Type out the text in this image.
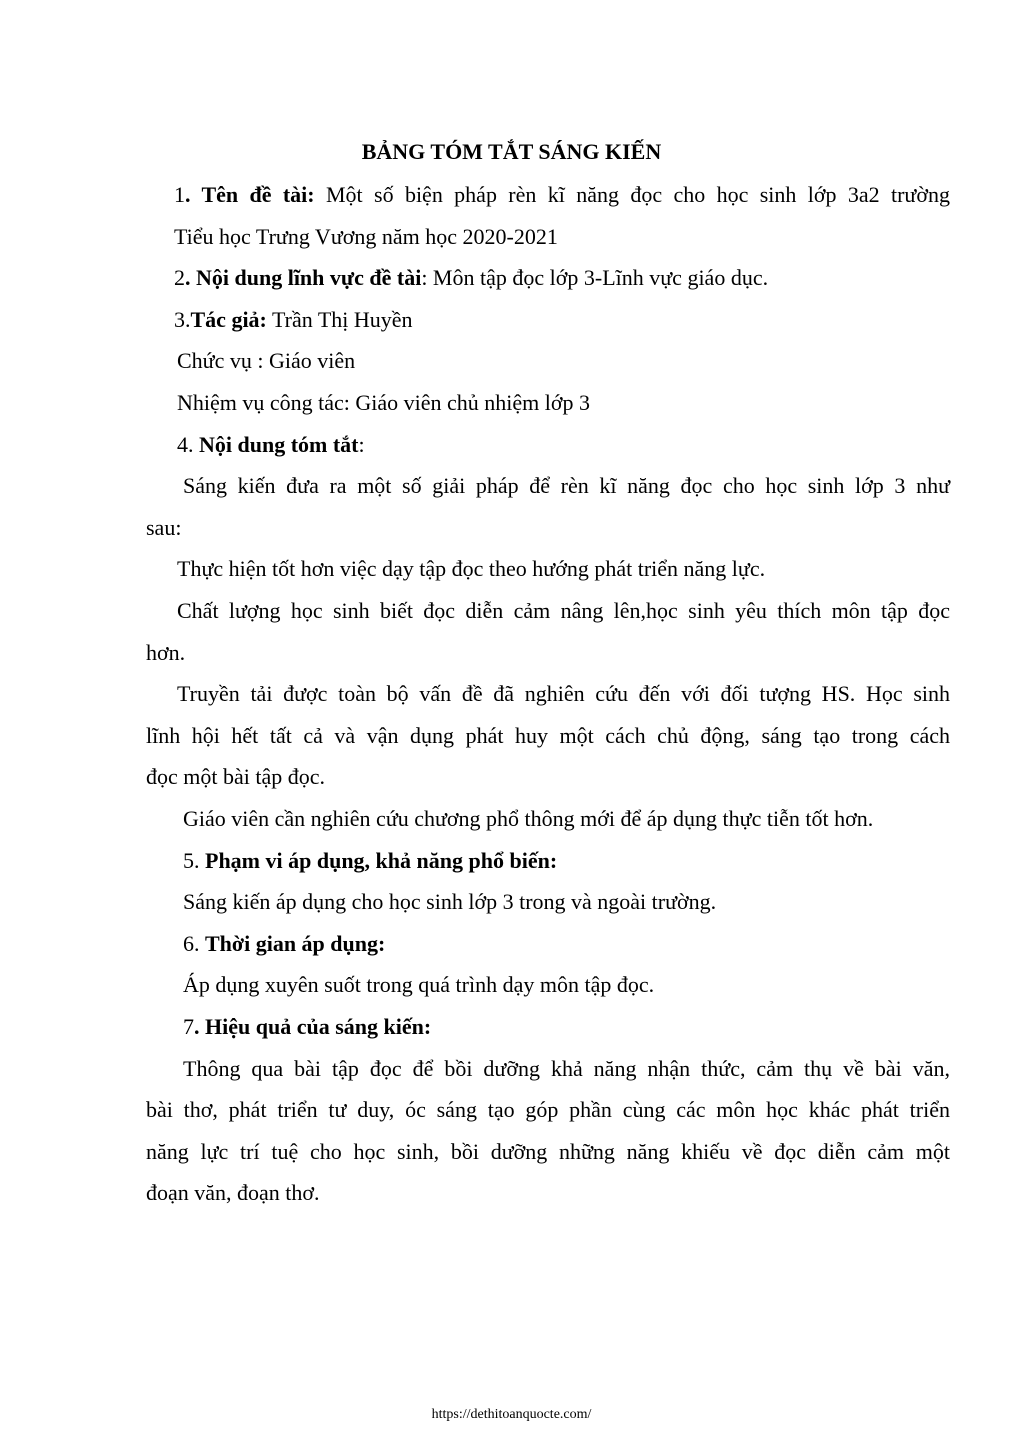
BẢNG TÓM TẮT SÁNG KIẾN
1. Tên đề tài: Một số biện pháp rèn kĩ năng đọc cho học sinh lớp 3a2 trường
Tiểu học Trưng Vương năm học 2020-2021
2. Nội dung lĩnh vực đề tài: Môn tập đọc lớp 3-Lĩnh vực giáo dục.
3.Tác giả: Trần Thị Huyền
Chức vụ : Giáo viên
Nhiệm vụ công tác: Giáo viên chủ nhiệm lớp 3
4. Nội dung tóm tắt:
Sáng kiến đưa ra một số giải pháp để rèn kĩ năng đọc cho học sinh lớp 3 như
sau:
Thực hiện tốt hơn việc dạy tập đọc theo hướng phát triển năng lực.
Chất lượng học sinh biết đọc diễn cảm nâng lên,học sinh yêu thích môn tập đọc
hơn.
Truyền tải được toàn bộ vấn đề đã nghiên cứu đến với đối tượng HS. Học sinh
lĩnh hội hết tất cả và vận dụng phát huy một cách chủ động, sáng tạo trong cách
đọc một bài tập đọc.
Giáo viên cần nghiên cứu chương phổ thông mới để áp dụng thực tiễn tốt hơn.
5. Phạm vi áp dụng, khả năng phổ biến:
Sáng kiến áp dụng cho học sinh lớp 3 trong và ngoài trường.
6. Thời gian áp dụng:
Áp dụng xuyên suốt trong quá trình dạy môn tập đọc.
7. Hiệu quả của sáng kiến:
Thông qua bài tập đọc để bồi dưỡng khả năng nhận thức, cảm thụ về bài văn,
bài thơ, phát triển tư duy, óc sáng tạo góp phần cùng các môn học khác phát triển
năng lực trí tuệ cho học sinh, bồi dưỡng những năng khiếu về đọc diễn cảm một
đoạn văn, đoạn thơ.
https://dethitoanquocte.com/
